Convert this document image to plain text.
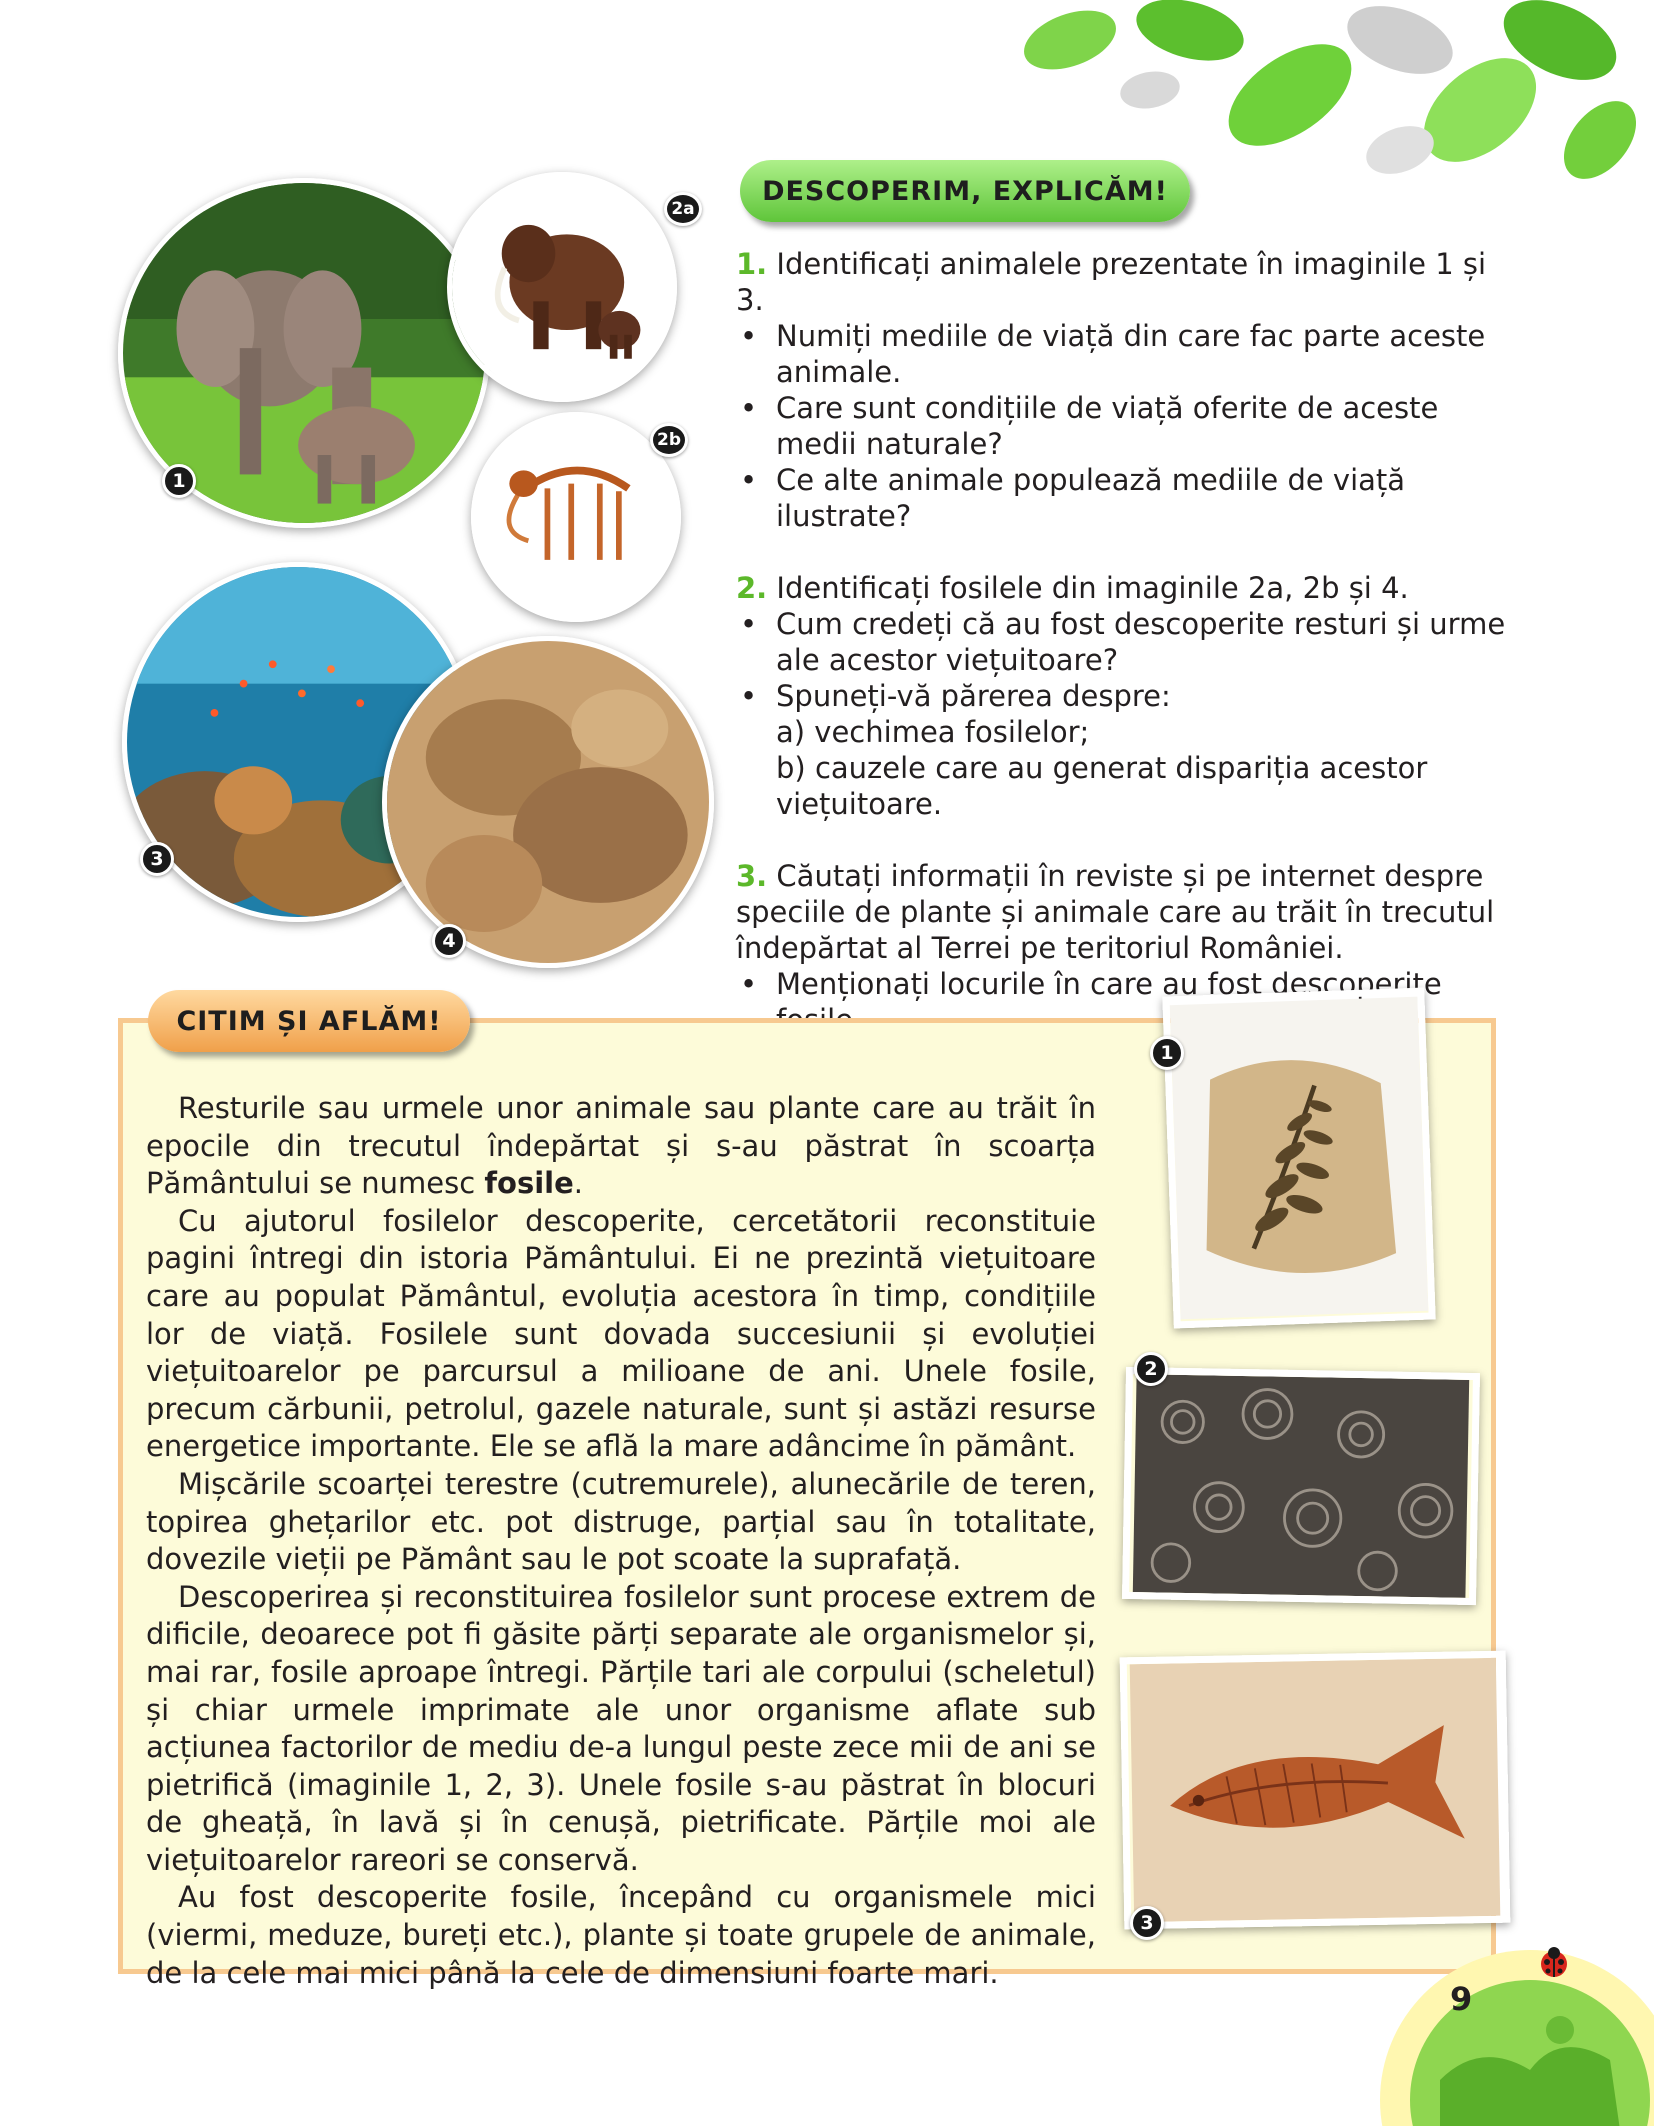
1
2a
2b
3
4
DESCOPERIM, EXPLICĂM!
1. Identificați animalele prezentate în imaginile 1 și 3.
• Numiți mediile de viață din care fac parte aceste animale.
• Care sunt condițiile de viață oferite de aceste medii naturale?
• Ce alte animale populează mediile de viață ilustrate?
2. Identificați fosilele din imaginile 2a, 2b și 4.
• Cum credeți că au fost descoperite resturi și urme ale acestor viețuitoare?
• Spuneți-vă părerea despre:
a) vechimea fosilelor;
b) cauzele care au generat dispariția acestor viețuitoare.
3. Căutați informații în reviste și pe internet despre speciile de plante și animale care au trăit în trecutul îndepărtat al Terrei pe teritoriul României.
• Menționați locurile în care au fost descoperite
CITIM ȘI AFLĂM!

Resturile sau urmele unor animale sau plante care au trăit în epocile din trecutul îndepărtat și s-au păstrat în scoarța Pământului se numesc fosile.

Cu ajutorul fosilelor descoperite, cercetătorii reconstituie pagini întregi din istoria Pământului. Ei ne prezintă viețuitoare care au populat Pământul, evoluția acestora în timp, condițiile lor de viață. Fosilele sunt dovada succesiunii și evoluției viețuitoarelor pe parcursul a milioane de ani. Unele fosile, precum cărbunii, petrolul, gazele naturale, sunt și astăzi resurse energetice importante. Ele se află la mare adâncime în pământ.

Mișcările scoarței terestre (cutremurele), alunecările de teren, topirea ghețarilor etc. pot distruge, parțial sau în totalitate, dovezile vieții pe Pământ sau le pot scoate la suprafață.

Descoperirea și reconstituirea fosilelor sunt procese extrem de dificile, deoarece pot fi găsite părți separate ale organismelor și, mai rar, fosile aproape întregi. Părțile tari ale corpului (scheletul) și chiar urmele imprimate ale unor organisme aflate sub acțiunea factorilor de mediu de-a lungul peste zece mii de ani se pietrifică (imaginile 1, 2, 3). Unele fosile s-au păstrat în blocuri de gheață, în lavă și în cenușă, pietrificate. Părțile moi ale viețuitoarelor rareori se conservă.

Au fost descoperite fosile, începând cu organismele mici (viermi, meduze, bureți etc.), plante și toate grupele de animale, de la cele mai mici până la cele de dimensiuni foarte mari.

1
2
3
9
